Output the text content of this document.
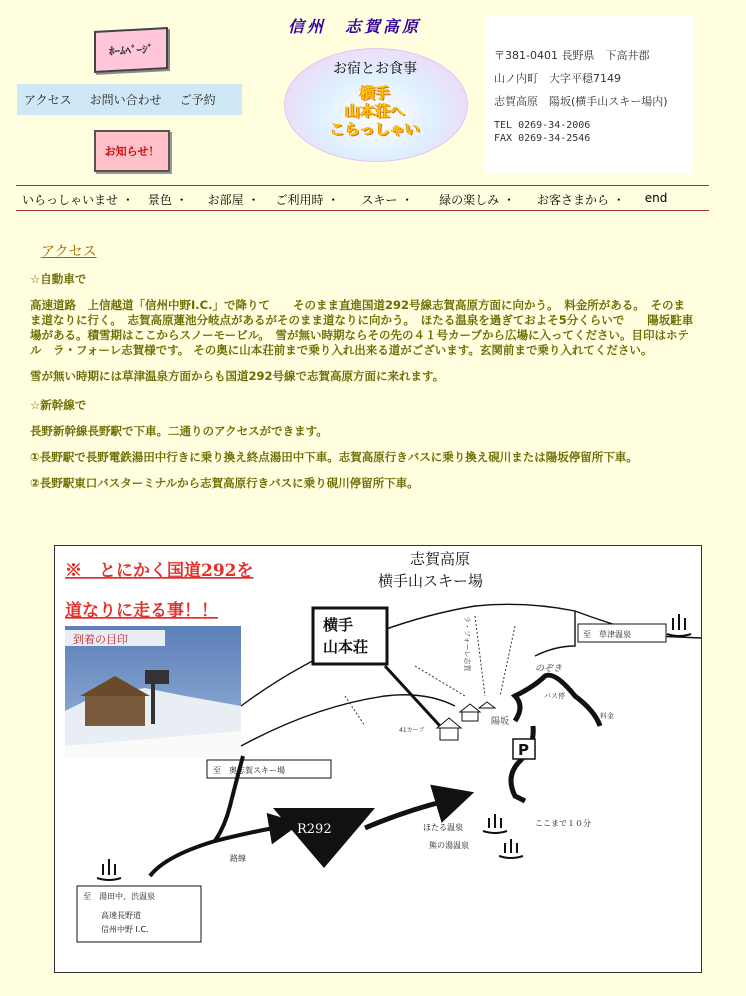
ﾎｰﾑﾍﾟｰｼﾞ
信州　志賀高原
アクセス お問い合わせ ご予約
お知らせ！
お宿とお食事
横手
山本荘へ
こらっしゃい
〒381-0401 長野県　下高井郡
山ノ内町　大字平穏7149
志賀高原　陽坂(横手山スキー場内)
TEL 0269-34-2006
FAX 0269-34-2546
いらっしゃいませ ・ 景色 ・ お部屋 ・ ご利用時 ・ スキー ・ 緑の楽しみ ・ お客さまから ・ end
アクセス

☆自動車で

高速道路　上信越道「信州中野I.C.」で降りて　　そのまま直進国道292号線志賀高原方面に向かう。　料金所がある。　そのまま道なりに行く。　志賀高原蓮池分岐点があるがそのまま道なりに向かう。　ほたる温泉を過ぎておよそ5分くらいで　　陽坂駐車場がある。積雪期はここからスノーモービル。　雪が無い時期ならその先の４１号カーブから広場に入ってください。目印はホテル　ラ・フォーレ志賀様です。 その奥に山本荘前まで乗り入れ出来る道がございます。玄関前まで乗り入れてください。

雪が無い時期には草津温泉方面からも国道292号線で志賀高原方面に来れます。

☆新幹線で

長野新幹線長野駅で下車。二通りのアクセスができます。

①長野駅で長野電鉄湯田中行きに乗り換え終点湯田中下車。志賀高原行きバスに乗り換え硯川または陽坂停留所下車。

②長野駅東口バスターミナルから志賀高原行きバスに乗り硯川停留所下車。

※　とにかく国道292を
道なりに走る事！！
到着の目印
志賀高原
横手山スキー場
横手
山本荘
陽坂
バス停
料金
のぞき
41カーブ
ラ・フォーレ志賀
P
至　草津温泉
至　奥志賀スキー場
R292
路線
ほたる温泉
熊の湯温泉
ここまで１０分
至　湯田中、渋温泉
高速長野道
信州中野 I.C.
